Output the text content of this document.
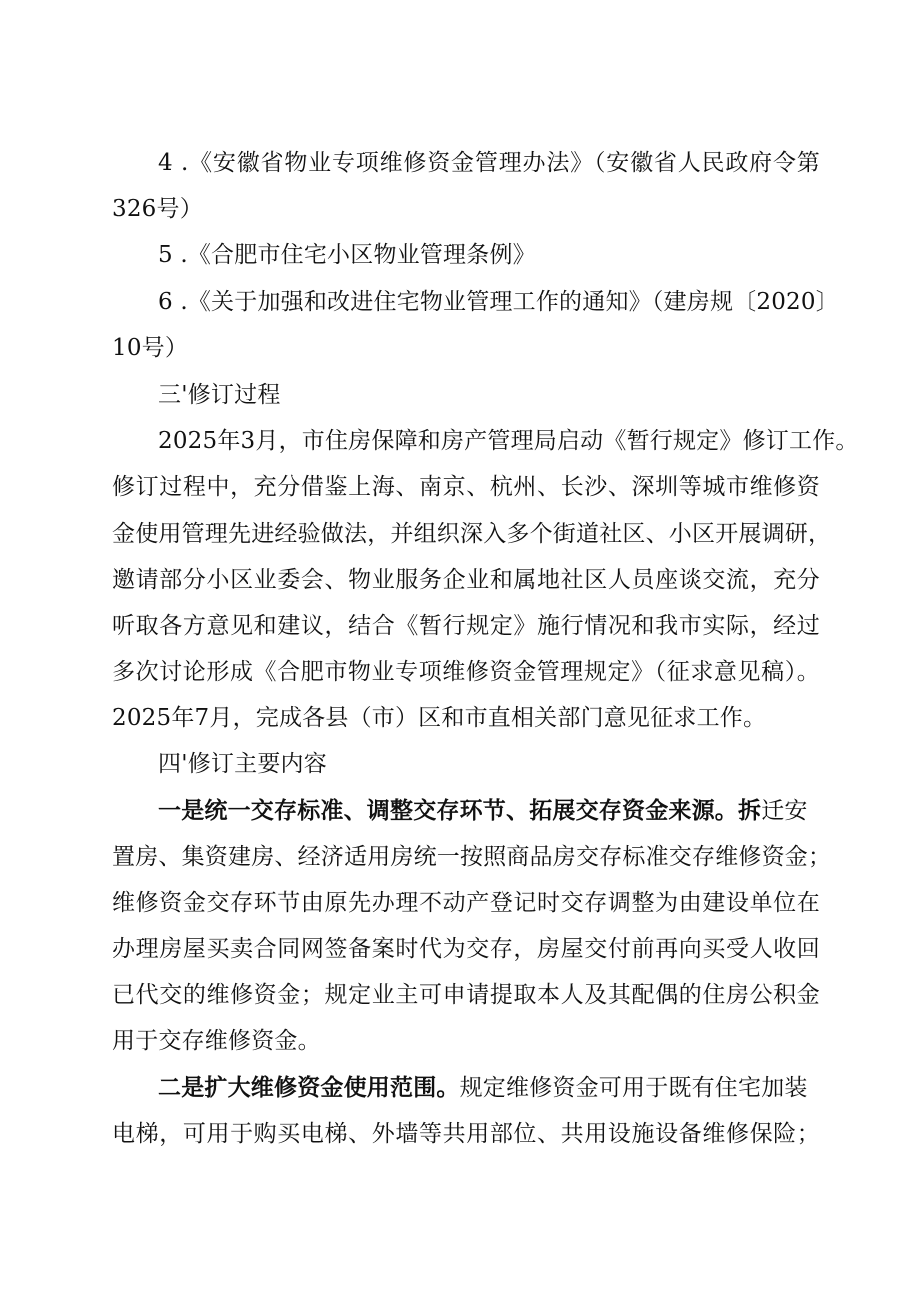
4 .《安徽省物业专项维修资金管理办法》（安徽省人民政府令第
326号）
5 .《合肥市住宅小区物业管理条例》
6 .《关于加强和改进住宅物业管理工作的通知》（建房规〔2020〕
10号）
三'修订过程
2025年3月，市住房保障和房产管理局启动《暂行规定》修订工作。
修订过程中，充分借鉴上海、南京、杭州、长沙、深圳等城市维修资
金使用管理先进经验做法，并组织深入多个街道社区、小区开展调研，
邀请部分小区业委会、物业服务企业和属地社区人员座谈交流，充分
听取各方意见和建议，结合《暂行规定》施行情况和我市实际，经过
多次讨论形成《合肥市物业专项维修资金管理规定》（征求意见稿）。
2025年7月，完成各县（市）区和市直相关部门意见征求工作。
四'修订主要内容
一是统一交存标准、调整交存环节、拓展交存资金来源。拆迁安
置房、集资建房、经济适用房统一按照商品房交存标准交存维修资金；
维修资金交存环节由原先办理不动产登记时交存调整为由建设单位在
办理房屋买卖合同网签备案时代为交存，房屋交付前再向买受人收回
已代交的维修资金；规定业主可申请提取本人及其配偶的住房公积金
用于交存维修资金。
二是扩大维修资金使用范围。规定维修资金可用于既有住宅加装
电梯，可用于购买电梯、外墙等共用部位、共用设施设备维修保险；
